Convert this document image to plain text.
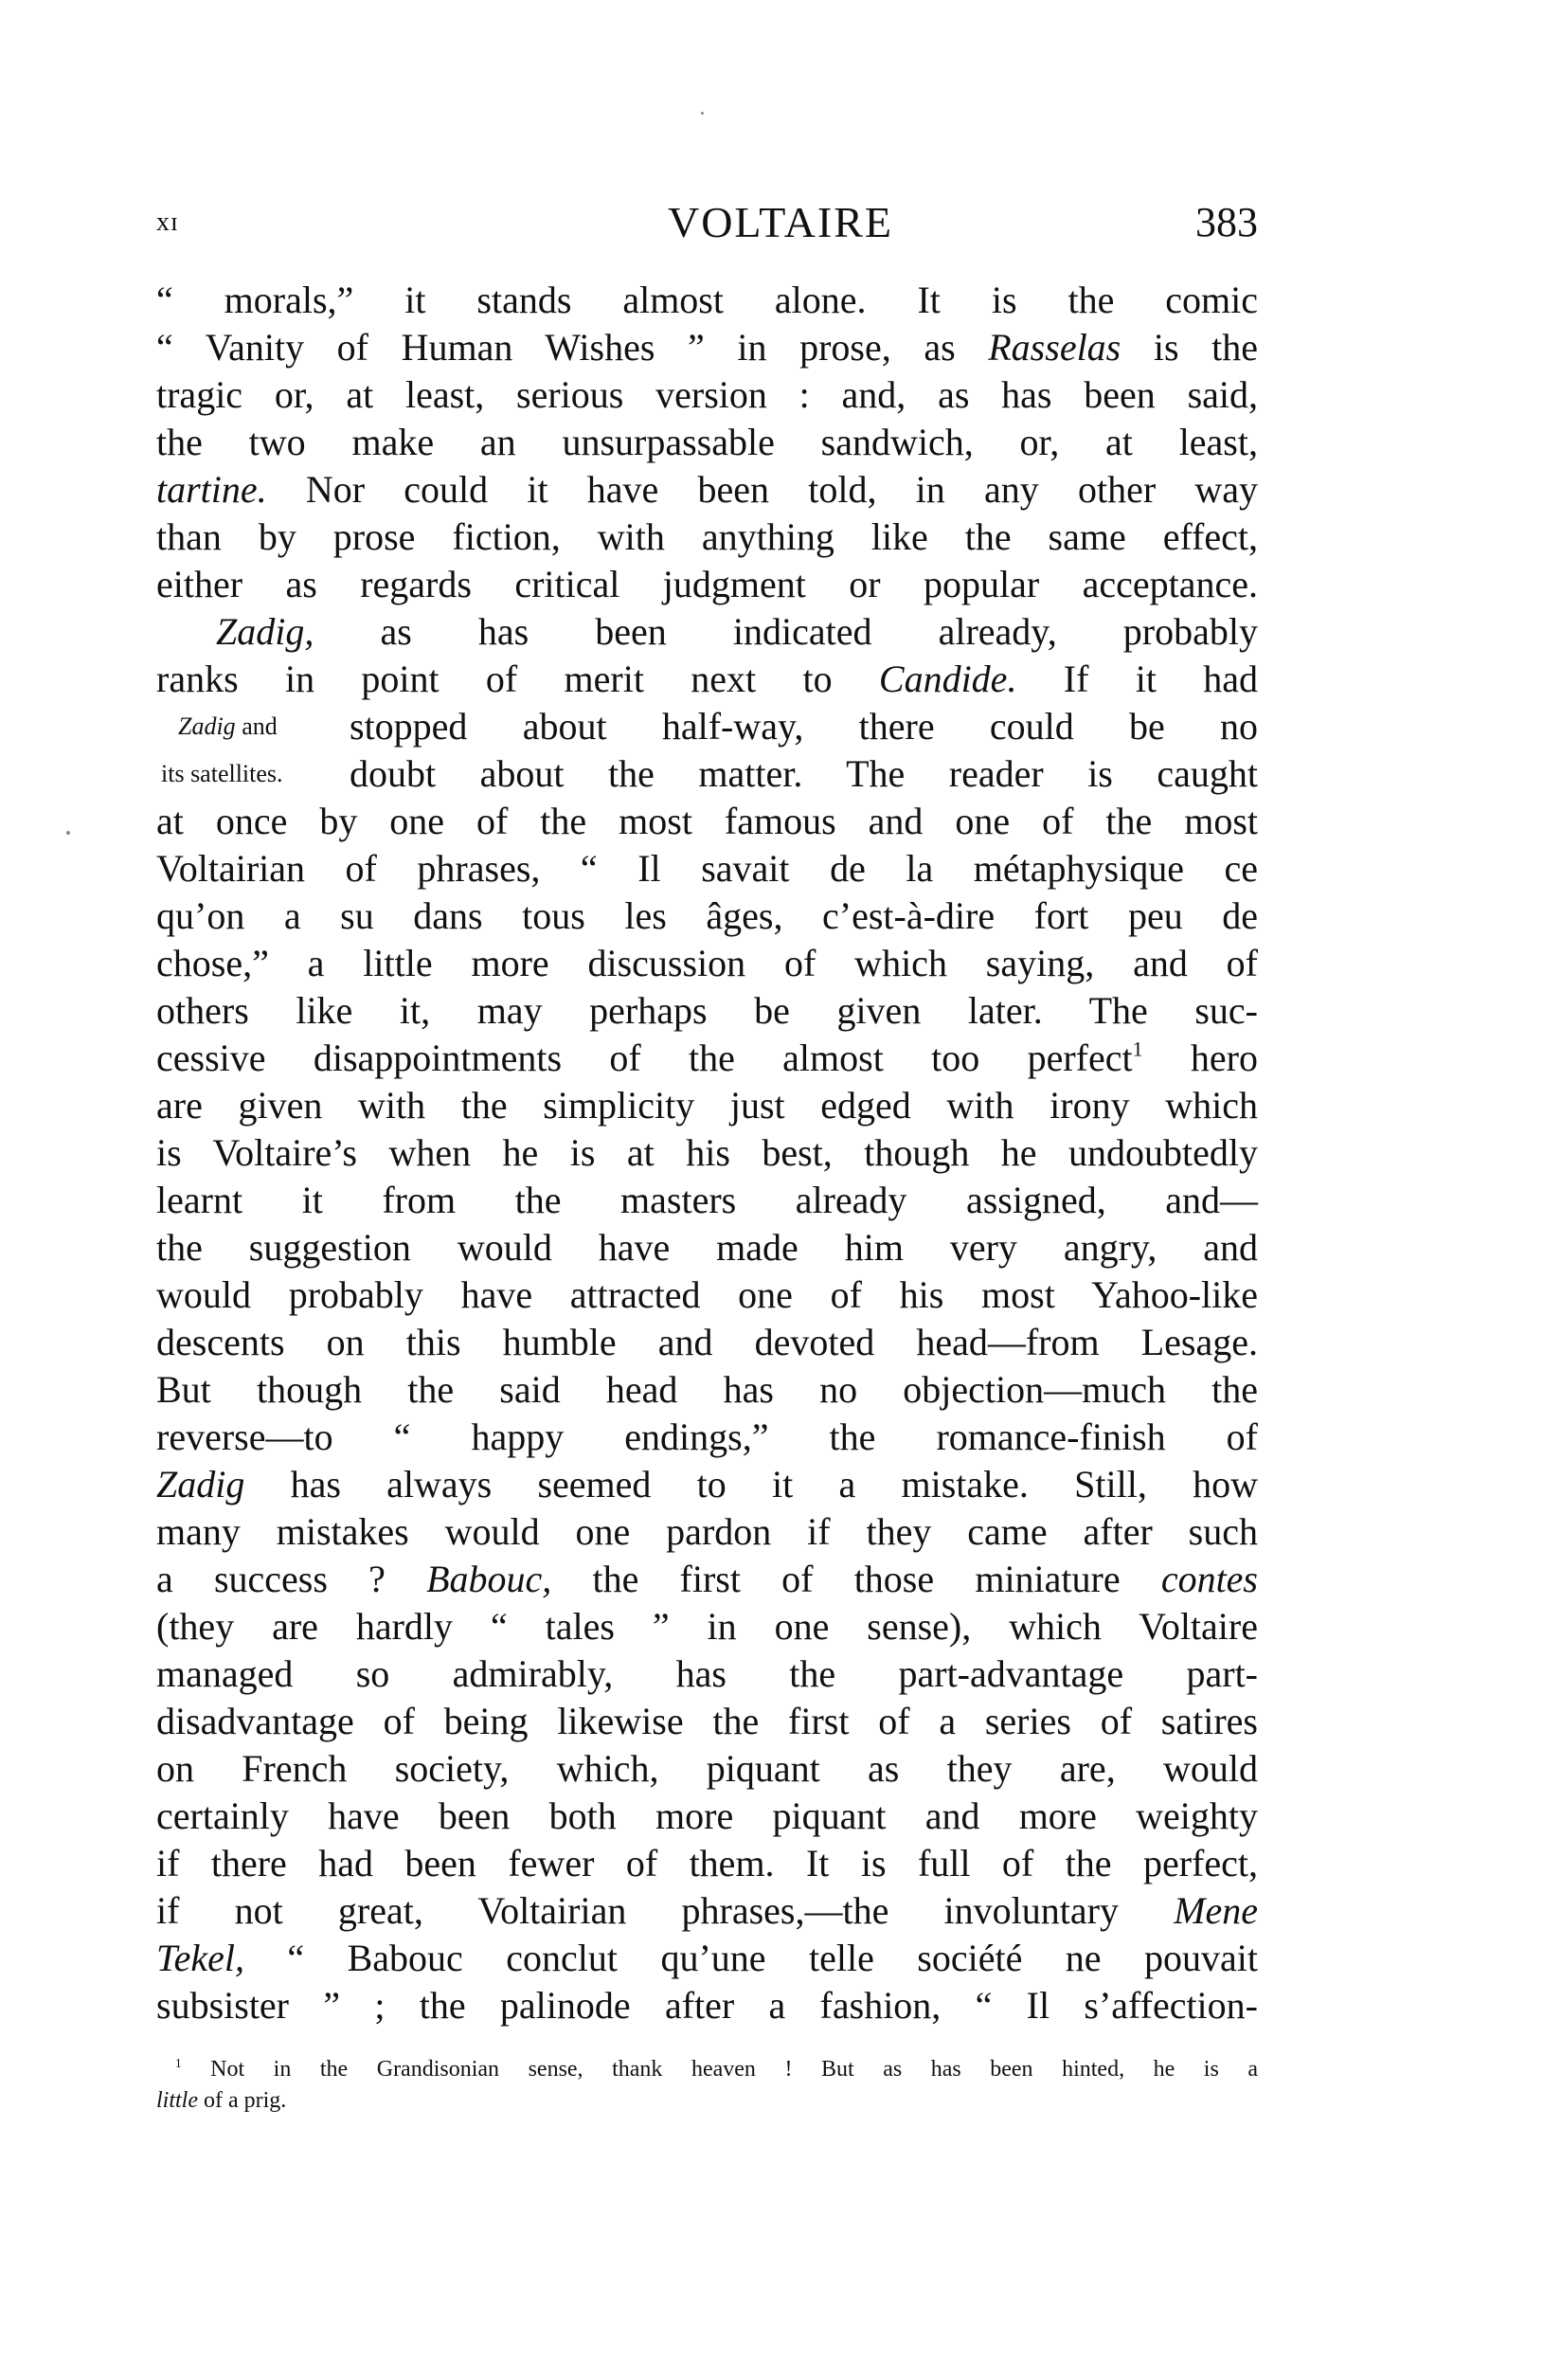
xɪ	VOLTAIRE	383
“ morals,” it stands almost alone. It is the comic
“ Vanity of Human Wishes ” in prose, as Rasselas is the
tragic or, at least, serious version : and, as has been said,
the two make an unsurpassable sandwich, or, at least,
tartine. Nor could it have been told, in any other way
than by prose fiction, with anything like the same effect,
either as regards critical judgment or popular acceptance.
Zadig, as has been indicated already, probably
ranks in point of merit next to Candide. If it had
stopped about half-way, there could be no
doubt about the matter. The reader is caught
at once by one of the most famous and one of the most
Voltairian of phrases, “ Il savait de la métaphysique ce
qu’on a su dans tous les âges, c’est-à-dire fort peu de
chose,” a little more discussion of which saying, and of
others like it, may perhaps be given later. The suc-
cessive disappointments of the almost too perfect$^1$ hero
are given with the simplicity just edged with irony which
is Voltaire’s when he is at his best, though he undoubtedly
learnt it from the masters already assigned, and—
the suggestion would have made him very angry, and
would probably have attracted one of his most Yahoo-like
descents on this humble and devoted head—from Lesage.
But though the said head has no objection—much the
reverse—to “ happy endings,” the romance-finish of
Zadig has always seemed to it a mistake. Still, how
many mistakes would one pardon if they came after such
a success ? Babouc, the first of those miniature contes
(they are hardly “ tales ” in one sense), which Voltaire
managed so admirably, has the part-advantage part-
disadvantage of being likewise the first of a series of satires
on French society, which, piquant as they are, would
certainly have been both more piquant and more weighty
if there had been fewer of them. It is full of the perfect,
if not great, Voltairian phrases,—the involuntary Mene
Tekel, “ Babouc conclut qu’une telle société ne pouvait
subsister ” ; the palinode after a fashion, “ Il s’affection-
Zadig and
its satellites.
$^1$ Not in the Grandisonian sense, thank heaven ! But as has been hinted, he is a
little of a prig.
